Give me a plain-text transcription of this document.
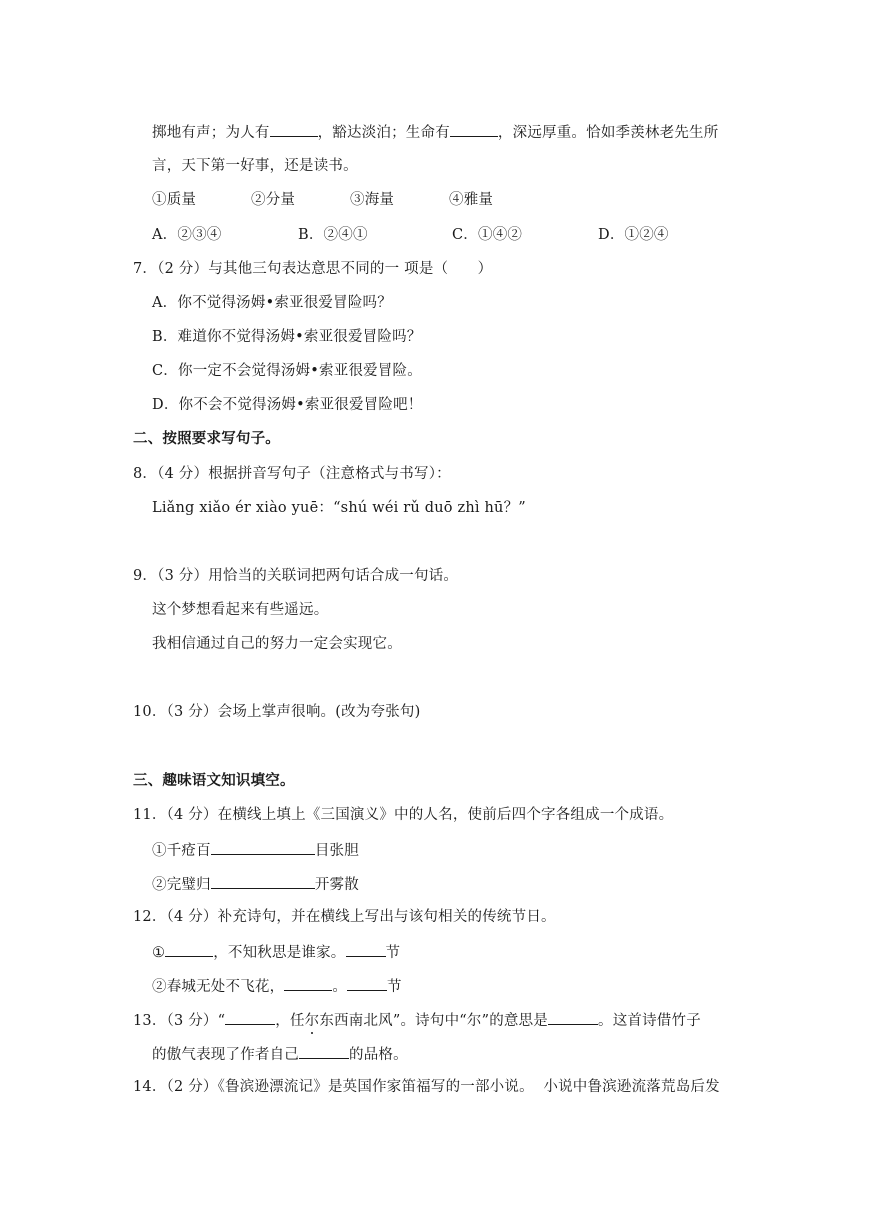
掷地有声；为人有	，豁达淡泊；生命有	，深远厚重。恰如季羡林老先生所
言，天下第一好事，还是读书。
①质量	②分量	③海量	④雅量
A．②③④	B．②④①	C．①④②	D．①②④
7．（2 分）与其他三句表达意思不同的一 项是（　　）
A．你不觉得汤姆•索亚很爱冒险吗？
B．难道你不觉得汤姆•索亚很爱冒险吗？
C．你一定不会觉得汤姆•索亚很爱冒险。
D．你不会不觉得汤姆•索亚很爱冒险吧！
二、按照要求写句子。
8．（4 分）根据拼音写句子（注意格式与书写）：
Liǎng xiǎo ér xiào yuē：“shú wéi rǔ duō zhì hū？”
9．（3 分）用恰当的关联词把两句话合成一句话。
这个梦想看起来有些遥远。
我相信通过自己的努力一定会实现它。
10．（3 分）会场上掌声很响。(改为夸张句)
三、趣味语文知识填空。
11．（4 分）在横线上填上《三国演义》中的人名，使前后四个字各组成一个成语。
①千疮百	目张胆
②完璧归	开雾散
12．（4 分）补充诗句，并在横线上写出与该句相关的传统节日。
①	，不知秋思是谁家。	节
②春城无处不飞花，	。	节
13．（3 分）“	，任尔东西南北风”。诗句中“尔”的意思是	。这首诗借竹子
的傲气表现了作者自己	的品格。
14．（2 分）《鲁滨逊漂流记》是英国作家笛福写的一部小说。  小说中鲁滨逊流落荒岛后发
